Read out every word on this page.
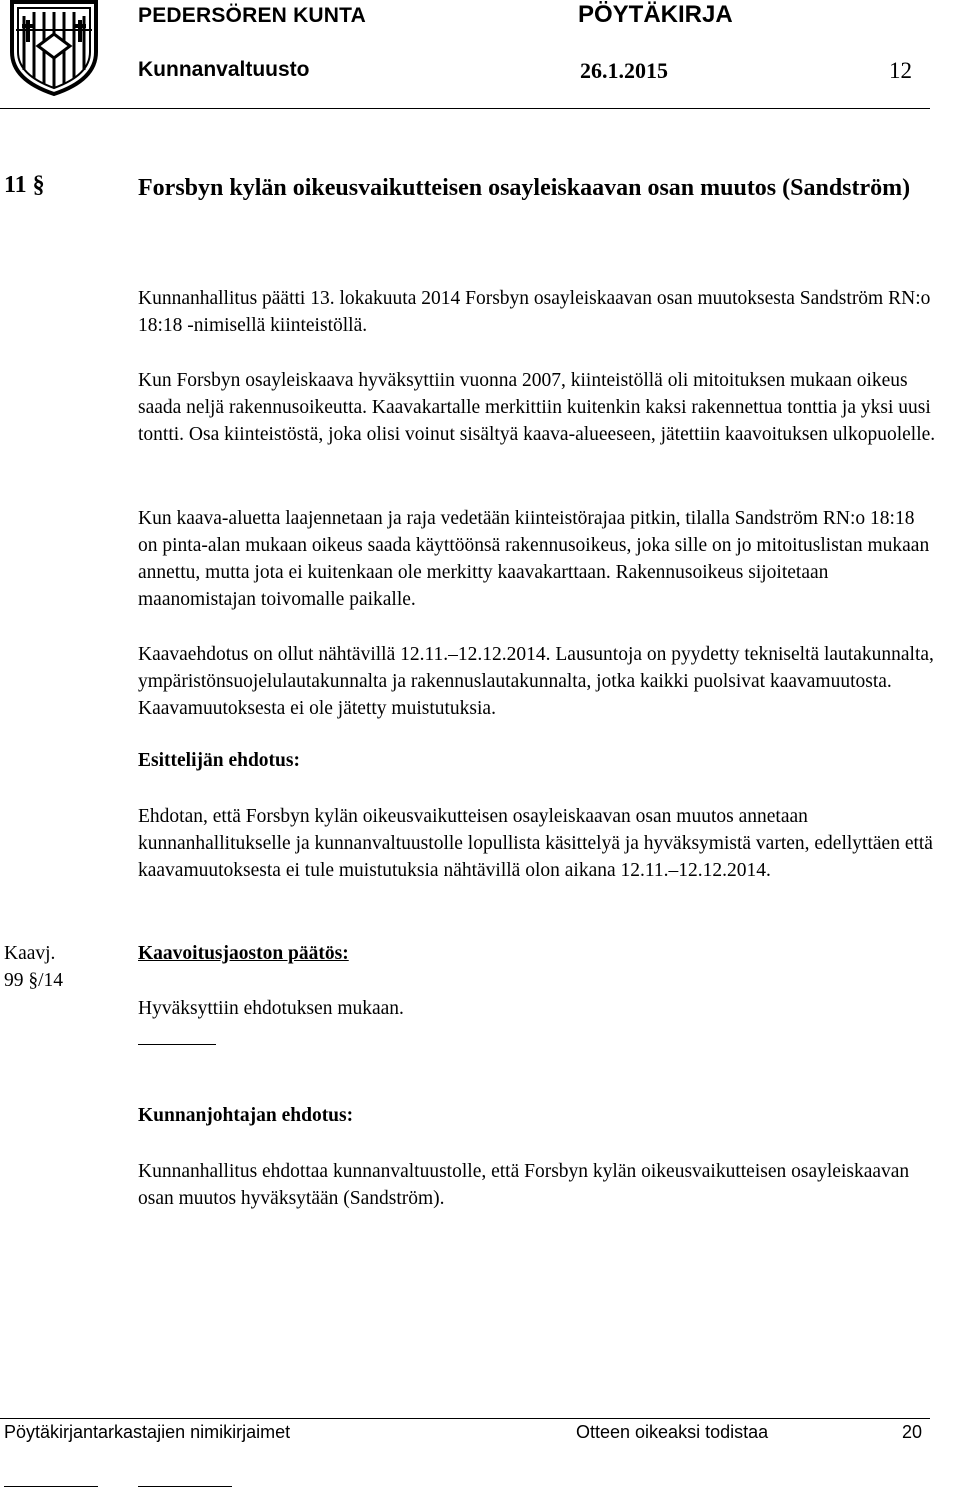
PEDERSÖREN KUNTA	PÖYTÄKIRJA
Kunnanvaltuusto	26.1.2015	12
11 §	Forsbyn kylän oikeusvaikutteisen osayleiskaavan osan muutos (Sandström)
Kunnanhallitus päätti 13. lokakuuta 2014 Forsbyn osayleiskaavan osan muutoksesta Sandström RN:o 18:18 -nimisellä kiinteistöllä.
Kun Forsbyn osayleiskaava hyväksyttiin vuonna 2007, kiinteistöllä oli mitoituksen mukaan oikeus saada neljä rakennusoikeutta. Kaavakartalle merkittiin kuitenkin kaksi rakennettua tonttia ja yksi uusi tontti. Osa kiinteistöstä, joka olisi voinut sisältyä kaava-alueeseen, jätettiin kaavoituksen ulkopuolelle.
Kun kaava-aluetta laajennetaan ja raja vedetään kiinteistörajaa pitkin, tilalla Sandström RN:o 18:18 on pinta-alan mukaan oikeus saada käyttöönsä rakennusoikeus, joka sille on jo mitoituslistan mukaan annettu, mutta jota ei kuitenkaan ole merkitty kaavakarttaan. Rakennusoikeus sijoitetaan maanomistajan toivomalle paikalle.
Kaavaehdotus on ollut nähtävillä 12.11.–12.12.2014. Lausuntoja on pyydetty tekniseltä lautakunnalta, ympäristönsuojelulautakunnalta ja rakennuslautakunnalta, jotka kaikki puolsivat kaavamuutosta. Kaavamuutoksesta ei ole jätetty muistutuksia.
Esittelijän ehdotus:
Ehdotan, että Forsbyn kylän oikeusvaikutteisen osayleiskaavan osan muutos annetaan kunnanhallitukselle ja kunnanvaltuustolle lopullista käsittelyä ja hyväksymistä varten, edellyttäen että kaavamuutoksesta ei tule muistutuksia nähtävillä olon aikana 12.11.–12.12.2014.
Kaavj.
99 §/14
Kaavoitusjaoston päätös:
Hyväksyttiin ehdotuksen mukaan.
Kunnanjohtajan ehdotus:
Kunnanhallitus ehdottaa kunnanvaltuustolle, että Forsbyn kylän oikeusvaikutteisen osayleiskaavan osan muutos hyväksytään (Sandström).
Pöytäkirjantarkastajien nimikirjaimet	Otteen oikeaksi todistaa	20
